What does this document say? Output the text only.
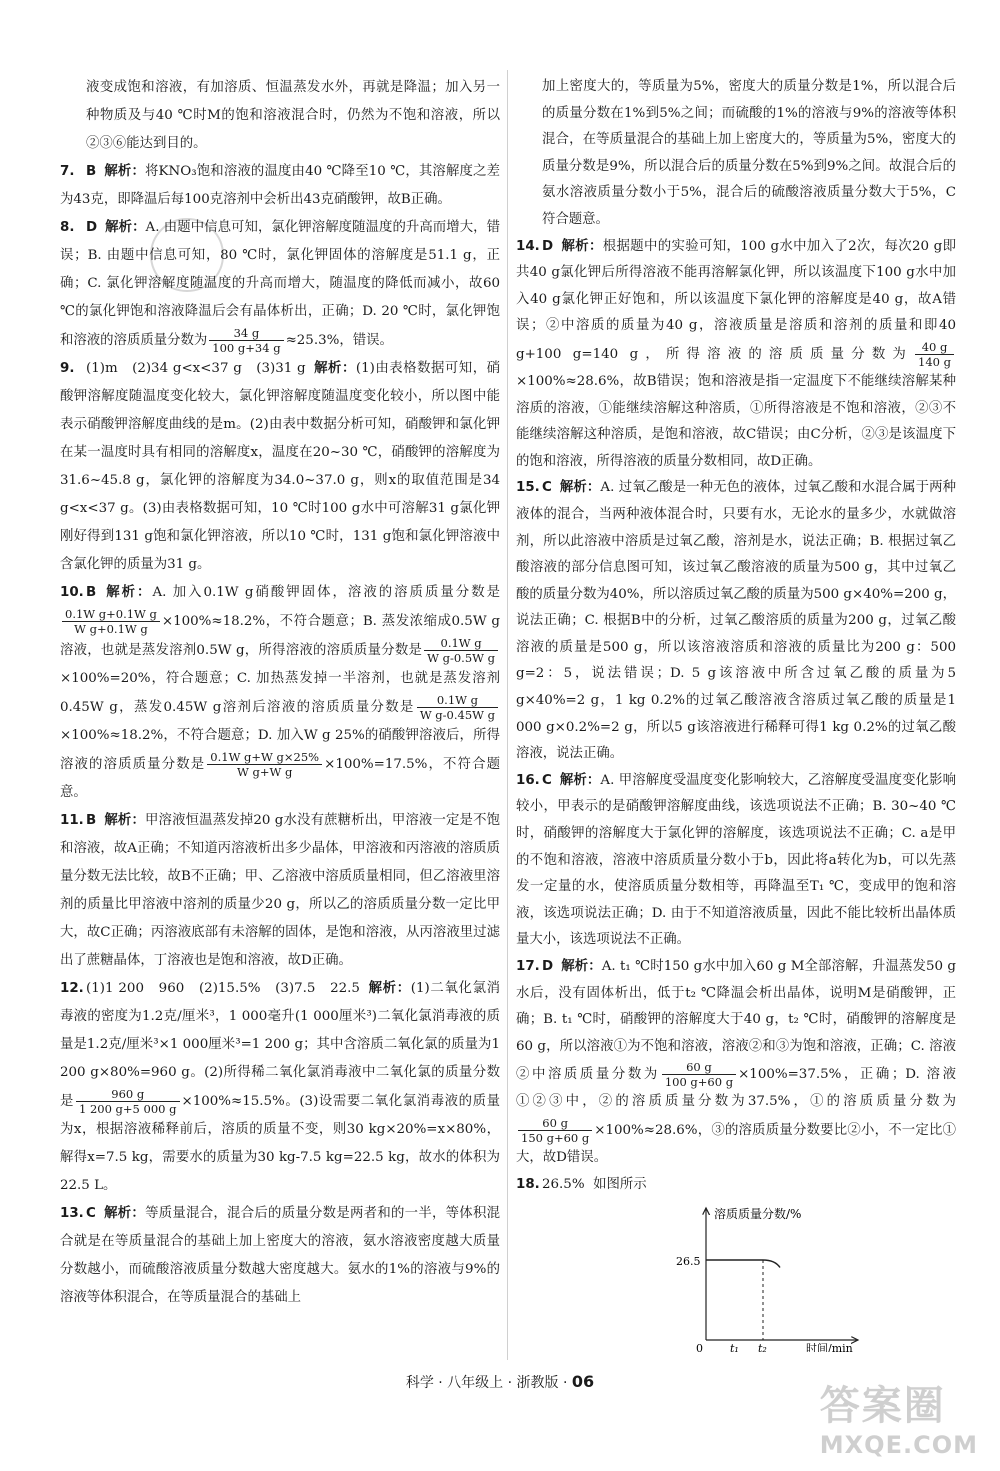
液变成饱和溶液，有加溶质、恒温蒸发水外，再就是降温；加入另一种物质及与40 ℃时M的饱和溶液混合时，仍然为不饱和溶液，所以②③⑥能达到目的。

7. B 解析：将KNO₃饱和溶液的温度由40 ℃降至10 ℃，其溶解度之差为43克，即降温后每100克溶剂中会析出43克硝酸钾，故B正确。

8. D 解析：A. 由题中信息可知，氯化钾溶解度随温度的升高而增大，错误；B. 由题中信息可知，80 ℃时，氯化钾固体的溶解度是51.1 g，正确；C. 氯化钾溶解度随温度的升高而增大，随温度的降低而减小，故60 ℃的氯化钾饱和溶液降温后会有晶体析出，正确；D. 20 ℃时，氯化钾饱和溶液的溶质质量分数为 $\frac{34 g}{100 g+34 g} \approx 25.3\%$，错误。

9. (1)m　(2)34 g<x<37 g　(3)31 g 解析：(1)由表格数据可知，硝酸钾溶解度随温度变化较大，氯化钾溶解度随温度变化较小，所以图中能表示硝酸钾溶解度曲线的是m。(2)由表中数据分析可知，硝酸钾和氯化钾在某一温度时具有相同的溶解度x，温度在20~30 ℃，硝酸钾的溶解度为31.6~45.8 g，氯化钾的溶解度为34.0~37.0 g，则x的取值范围是34 g<x<37 g。(3)由表格数据可知，10 ℃时100 g水中可溶解31 g氯化钾刚好得到131 g饱和氯化钾溶液，所以10 ℃时，131 g饱和氯化钾溶液中含氯化钾的质量为31 g。

10. B 解析：A. 加入0.1W g硝酸钾固体，溶液的溶质质量分数是
$\frac{\text{0.1W g+0.1W g}}{\text{W g+0.1W g}} \times 100\%\approx 18.2\%$，不符合题意；B. 蒸发浓缩成0.5W g溶液，也就是蒸发溶剂0.5W g，所得溶液的溶质质量分数是 $\frac{\text{0.1W g}}{\text{W g-0.5W g}}$
×100%=20%，符合题意；C. 加热蒸发掉一半溶剂，也就是蒸发溶剂0.45W g，蒸发0.45W g溶剂后溶液的溶质质量分数是 $\frac{\text{0.1W g}}{\text{W g-0.45W g}}$
×100%≈18.2%，不符合题意；D. 加入W g 25%的硝酸钾溶液后，所得溶液的溶质质量分数是 $\frac{\text{0.1W g+W g×25\%}}{\text{W g+W g}} \times 100\%=17.5\%$，不符合题意。

11. B 解析：甲溶液恒温蒸发掉20 g水没有蔗糖析出，甲溶液一定是不饱和溶液，故A正确；不知道丙溶液析出多少晶体，甲溶液和丙溶液的溶质质量分数无法比较，故B不正确；甲、乙溶液中溶质质量相同，但乙溶液里溶剂的质量比甲溶液中溶剂的质量少20 g，所以乙的溶质质量分数一定比甲大，故C正确；丙溶液底部有未溶解的固体，是饱和溶液，从丙溶液里过滤出了蔗糖晶体，丁溶液也是饱和溶液，故D正确。

12. (1)1 200　960　(2)15.5%　(3)7.5　22.5 解析：(1)二氧化氯消毒液的密度为1.2克/厘米³，1 000毫升(1 000厘米³)二氧化氯消毒液的质量是1.2克/厘米³×1 000厘米³=1 200 g；其中含溶质二氧化氯的质量为1 200 g×80%=960 g。(2)所得稀二氧化氯消毒液中二氧化氯的质量分数是 $\frac{960 g}{1 200 g+5 000 g} \times 100\%\approx 15.5\%$。(3)设需要二氧化氯消毒液的质量为x，根据溶液稀释前后，溶质的质量不变，则30 kg×20%=x×80%，解得x=7.5 kg，需要水的质量为30 kg-7.5 kg=22.5 kg，故水的体积为22.5 L。

13. C 解析：等质量混合，混合后的质量分数是两者和的一半，等体积混合就是在等质量混合的基础上加上密度大的溶液，氨水溶液密度越大质量分数越小，而硫酸溶液质量分数越大密度越大。氨水的1%的溶液与9%的溶液等体积混合，在等质量混合的基础上

加上密度大的，等质量为5%，密度大的质量分数是1%，所以混合后的质量分数在1%到5%之间；而硫酸的1%的溶液与9%的溶液等体积混合，在等质量混合的基础上加上密度大的，等质量为5%，密度大的质量分数是9%，所以混合后的质量分数在5%到9%之间。故混合后的氨水溶液质量分数小于5%，混合后的硫酸溶液质量分数大于5%，C符合题意。

14. D 解析：根据题中的实验可知，100 g水中加入了2次，每次20 g即共40 g氯化钾后所得溶液不能再溶解氯化钾，所以该温度下100 g水中加入40 g氯化钾正好饱和，所以该温度下氯化钾的溶解度是40 g，故A错误；②中溶质的质量为40 g，溶液质量是溶质和溶剂的质量和即40 g+100 g=140 g，所得溶液的溶质质量分数为 $\frac{40 g}{140 g}$
×100%≈28.6%，故B错误；饱和溶液是指一定温度下不能继续溶解某种溶质的溶液，①能继续溶解这种溶质，①所得溶液是不饱和溶液，②③不能继续溶解这种溶质，是饱和溶液，故C错误；由C分析，②③是该温度下的饱和溶液，所得溶液的质量分数相同，故D正确。

15. C 解析：A. 过氧乙酸是一种无色的液体，过氧乙酸和水混合属于两种液体的混合，当两种液体混合时，只要有水，无论水的量多少，水就做溶剂，所以此溶液中溶质是过氧乙酸，溶剂是水，说法正确；B. 根据过氧乙酸溶液的部分信息图可知，该过氧乙酸溶液的质量为500 g，其中过氧乙酸的质量分数为40%，所以溶质过氧乙酸的质量为500 g×40%=200 g，说法正确；C. 根据B中的分析，过氧乙酸溶质的质量为200 g，过氧乙酸溶液的质量是500 g，所以该溶液溶质和溶液的质量比为200 g：500 g=2：5，说法错误；D. 5 g该溶液中所含过氧乙酸的质量为5 g×40%=2 g，1 kg 0.2%的过氧乙酸溶液含溶质过氧乙酸的质量是1 000 g×0.2%=2 g，所以5 g该溶液进行稀释可得1 kg 0.2%的过氧乙酸溶液，说法正确。

16. C 解析：A. 甲溶解度受温度变化影响较大，乙溶解度受温度变化影响较小，甲表示的是硝酸钾溶解度曲线，该选项说法不正确；B. 30~40 ℃时，硝酸钾的溶解度大于氯化钾的溶解度，该选项说法不正确；C. a是甲的不饱和溶液，溶液中溶质质量分数小于b，因此将a转化为b，可以先蒸发一定量的水，使溶质质量分数相等，再降温至T₁ ℃，变成甲的饱和溶液，该选项说法正确；D. 由于不知道溶液质量，因此不能比较析出晶体质量大小，该选项说法不正确。

17. D 解析：A. t₁ ℃时150 g水中加入60 g M全部溶解，升温蒸发50 g水后，没有固体析出，低于t₂ ℃降温会析出晶体，说明M是硝酸钾，正确；B. t₁ ℃时，硝酸钾的溶解度大于40 g，t₂ ℃时，硝酸钾的溶解度是60 g，所以溶液①为不饱和溶液，溶液②和③为饱和溶液，正确；C. 溶液②中溶质质量分数为 $\frac{60 g}{100 g+60 g} \times 100\%=37.5\%$，正确；D. 溶液①②③中，②的溶质质量分数为37.5%，①的溶质质量分数为
$\frac{60 g}{150 g+60 g} \times 100\%\approx 28.6\%$，③的溶质质量分数要比②小，不一定比①大，故D错误。

18. 26.5% 如图所示

溶质质量分数/%
时间/min
0
26.5
t₁ t₂
科学 · 八年级上 · 浙教版 · 06
答案圈
MXQE.COM
